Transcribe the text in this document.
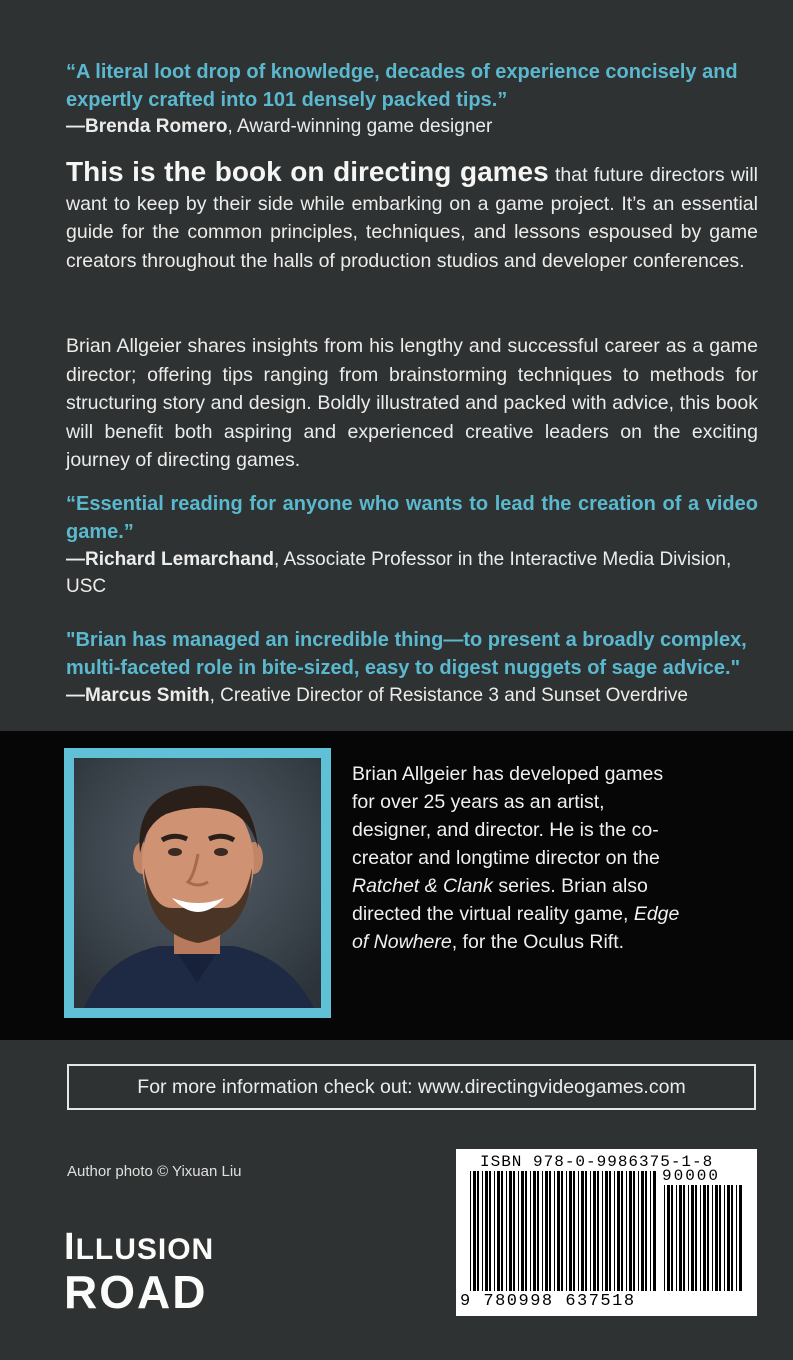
“A literal loot drop of knowledge, decades of experience concisely and expertly crafted into 101 densely packed tips.”
—Brenda Romero, Award-winning game designer
This is the book on directing games that future directors will want to keep by their side while embarking on a game project. It’s an essential guide for the common principles, techniques, and lessons espoused by game creators throughout the halls of production studios and developer conferences.
Brian Allgeier shares insights from his lengthy and successful career as a game director; offering tips ranging from brainstorming techniques to methods for structuring story and design. Boldly illustrated and packed with advice, this book will benefit both aspiring and experienced creative leaders on the exciting journey of directing games.
“Essential reading for anyone who wants to lead the creation of a video game.”
—Richard Lemarchand, Associate Professor in the Interactive Media Division, USC
"Brian has managed an incredible thing—to present a broadly complex, multi-faceted role in bite-sized, easy to digest nuggets of sage advice."
—Marcus Smith, Creative Director of Resistance 3 and Sunset Overdrive
Brian Allgeier has developed games for over 25 years as an artist, designer, and director. He is the co-creator and longtime director on the Ratchet & Clank series. Brian also directed the virtual reality game, Edge of Nowhere, for the Oculus Rift.
For more information check out: www.directingvideogames.com
Author photo © Yixuan Liu
ILLUSION
ROAD
ISBN 978-0-9986375-1-8
90000
9 780998 637518
